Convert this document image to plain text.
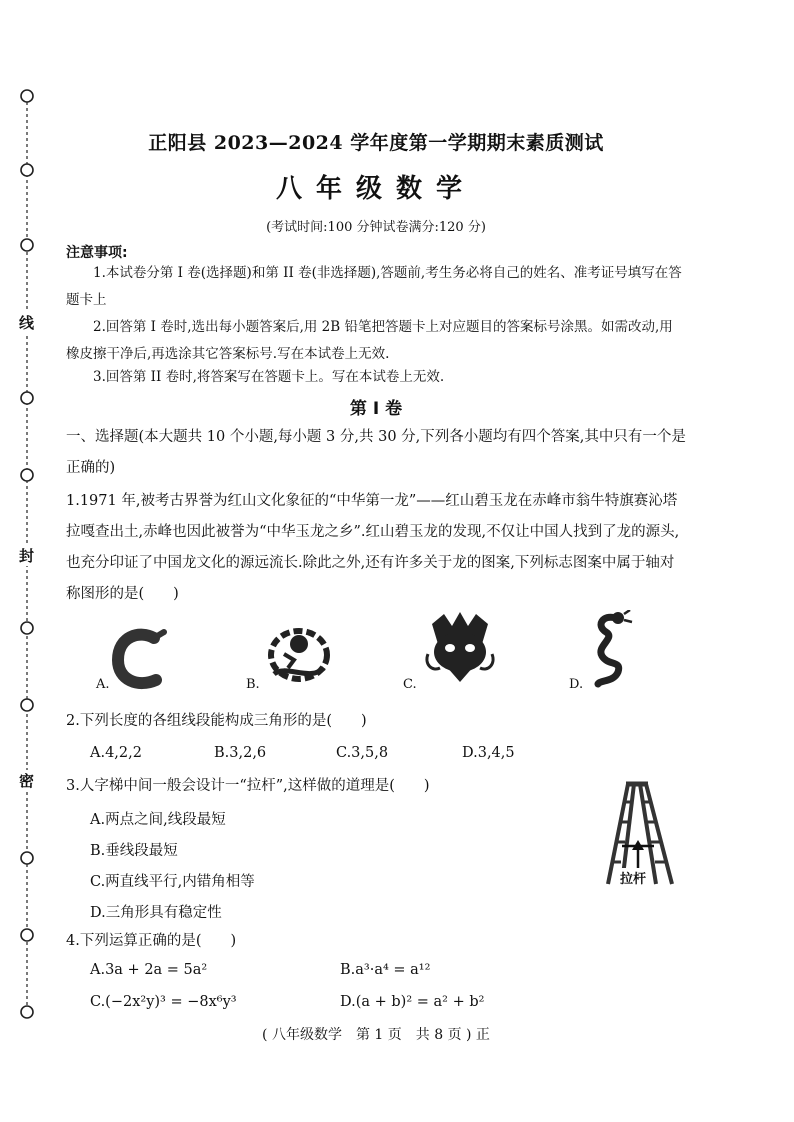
线
封
密
正阳县 2023—2024 学年度第一学期期末素质测试
八年级数学
(考试时间:100 分钟试卷满分:120 分)
注意事项:
1.本试卷分第 I 卷(选择题)和第 II 卷(非选择题),答题前,考生务必将自己的姓名、准考证号填写在答题卡上
2.回答第 I 卷时,选出每小题答案后,用 2B 铅笔把答题卡上对应题目的答案标号涂黑。如需改动,用橡皮擦干净后,再选涂其它答案标号.写在本试卷上无效.
3.回答第 II 卷时,将答案写在答题卡上。写在本试卷上无效.
第 I 卷
一、选择题(本大题共 10 个小题,每小题 3 分,共 30 分,下列各小题均有四个答案,其中只有一个是正确的)
1.1971 年,被考古界誉为红山文化象征的“中华第一龙”——红山碧玉龙在赤峰市翁牛特旗赛沁塔拉嘎查出土,赤峰也因此被誉为“中华玉龙之乡”.红山碧玉龙的发现,不仅让中国人找到了龙的源头,也充分印证了中国龙文化的源远流长.除此之外,还有许多关于龙的图案,下列标志图案中属于轴对称图形的是(　　)
A.	B.	C.	D.
2.下列长度的各组线段能构成三角形的是(　　)
A.4,2,2	B.3,2,6	C.3,5,8	D.3,4,5
3.人字梯中间一般会设计一“拉杆”,这样做的道理是(　　)
A.两点之间,线段最短
B.垂线段最短
C.两直线平行,内错角相等
D.三角形具有稳定性
拉杆
4.下列运算正确的是(　　)
A.3a + 2a = 5a²	B.a³·a⁴ = a¹²
C.(−2x²y)³ = −8x⁶y³	D.(a + b)² = a² + b²
( 八年级数学　第 1 页　共 8 页 ) 正
